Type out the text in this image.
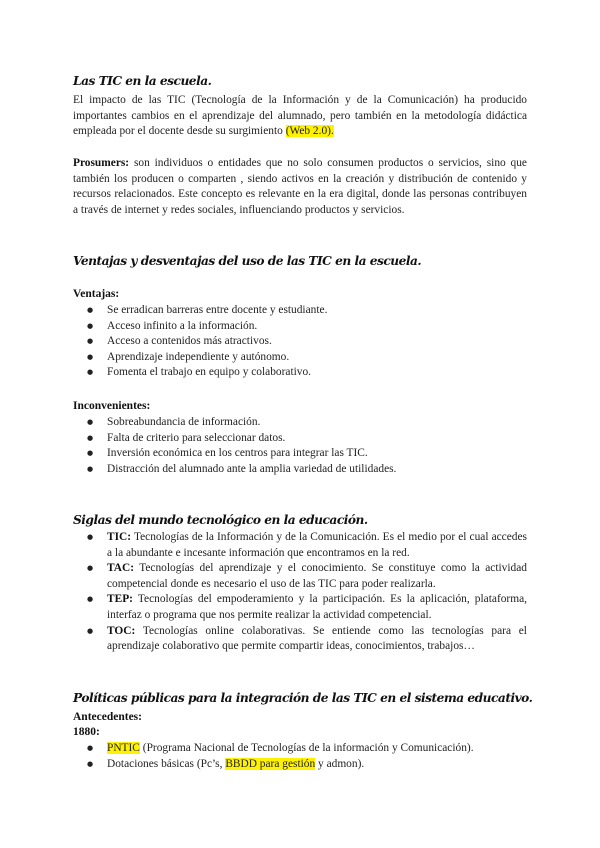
Las TIC en la escuela.

El impacto de las TIC (Tecnología de la Información y de la Comunicación) ha producido importantes cambios en el aprendizaje del alumnado, pero también en la metodología didáctica empleada por el docente desde su surgimiento (Web 2.0).

Prosumers: son individuos o entidades que no solo consumen productos o servicios, sino que también los producen o comparten , siendo activos en la creación y distribución de contenido y recursos relacionados. Este concepto es relevante en la era digital, donde las personas contribuyen a través de internet y redes sociales, influenciando productos y servicios.

Ventajas y desventajas del uso de las TIC en la escuela.
Ventajas:
● Se erradican barreras entre docente y estudiante.
● Acceso infinito a la información.
● Acceso a contenidos más atractivos.
● Aprendizaje independiente y autónomo.
● Fomenta el trabajo en equipo y colaborativo.
Inconvenientes:
● Sobreabundancia de información.
● Falta de criterio para seleccionar datos.
● Inversión económica en los centros para integrar las TIC.
● Distracción del alumnado ante la amplia variedad de utilidades.
Siglas del mundo tecnológico en la educación.
● TIC: Tecnologías de la Información y de la Comunicación. Es el medio por el cual accedes a la abundante e incesante información que encontramos en la red.
● TAC: Tecnologías del aprendizaje y el conocimiento. Se constituye como la actividad competencial donde es necesario el uso de las TIC para poder realizarla.
● TEP: Tecnologías del empoderamiento y la participación. Es la aplicación, plataforma, interfaz o programa que nos permite realizar la actividad competencial.
● TOC: Tecnologías online colaborativas. Se entiende como las tecnologías para el aprendizaje colaborativo que permite compartir ideas, conocimientos, trabajos…
Políticas públicas para la integración de las TIC en el sistema educativo.
Antecedentes:
1880:
● PNTIC (Programa Nacional de Tecnologías de la información y Comunicación).
● Dotaciones básicas (Pc’s, BBDD para gestión y admon).
